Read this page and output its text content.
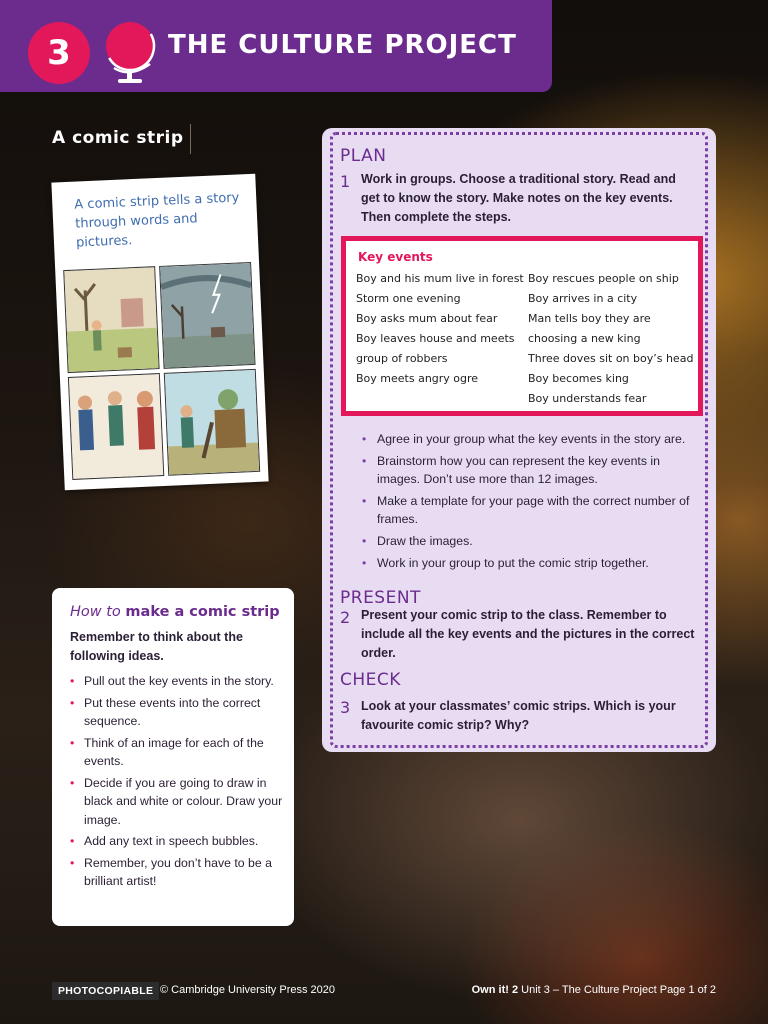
3	THE CULTURE PROJECT
A comic strip
A comic strip tells a story through words and pictures.
PLAN
1 Work in groups. Choose a traditional story. Read and get to know the story. Make notes on the key events. Then complete the steps.
Key events
Boy and his mum live in forest
Storm one evening
Boy asks mum about fear
Boy leaves house and meets
group of robbers
Boy meets angry ogre
Boy rescues people on ship
Boy arrives in a city
Man tells boy they are
choosing a new king
Three doves sit on boy’s head
Boy becomes king
Boy understands fear
• Agree in your group what the key events in the story are.
• Brainstorm how you can represent the key events in images. Don’t use more than 12 images.
• Make a template for your page with the correct number of frames.
• Draw the images.
• Work in your group to put the comic strip together.
PRESENT
2 Present your comic strip to the class. Remember to include all the key events and the pictures in the correct order.
CHECK
3 Look at your classmates’ comic strips. Which is your favourite comic strip? Why?
How to make a comic strip
Remember to think about the following ideas.
• Pull out the key events in the story.
• Put these events into the correct sequence.
• Think of an image for each of the events.
• Decide if you are going to draw in black and white or colour. Draw your image.
• Add any text in speech bubbles.
• Remember, you don’t have to be a brilliant artist!
PHOTOCOPIABLE © Cambridge University Press 2020	Own it! 2 Unit 3 – The Culture Project Page 1 of 2
